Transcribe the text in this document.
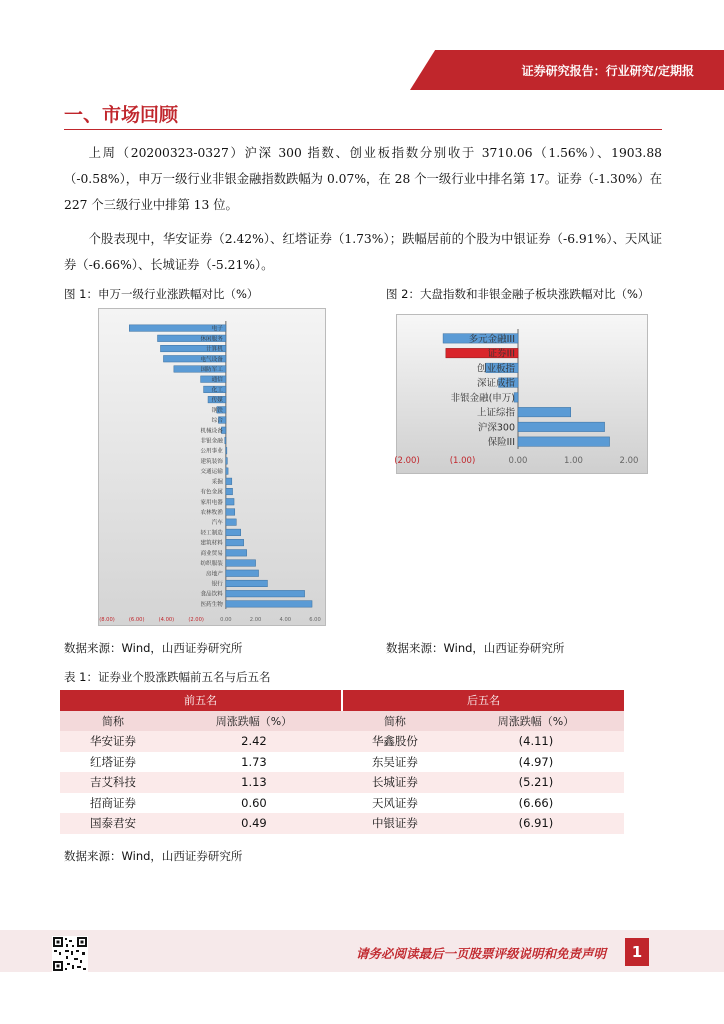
证券研究报告：行业研究/定期报
一、市场回顾

上周（20200323-0327）沪深 300 指数、创业板指数分别收于 3710.06（1.56%）、1903.88（-0.58%），申万一级行业非银金融指数跌幅为 0.07%，在 28 个一级行业中排名第 17。证券（-1.30%）在 227 个三级行业中排第 13 位。

个股表现中，华安证券（2.42%）、红塔证券（1.73%）；跌幅居前的个股为中银证券（-6.91%）、天风证券（-6.66%）、长城证券（-5.21%）。

图 1：申万一级行业涨跌幅对比（%）	图 2：大盘指数和非银金融子板块涨跌幅对比（%）
(8.00)	(6.00)	(4.00)	(2.00)	0.00	2.00	4.00	6.00
电子
休闲服务
计算机
电气设备
国防军工
通信
化工
传媒
钢铁
综合
机械设备
非银金融
公用事业
建筑装饰
交通运输
采掘
有色金属
家用电器
农林牧渔
汽车
轻工制造
建筑材料
商业贸易
纺织服装
房地产
银行
食品饮料
医药生物
(2.00)	(1.00)	0.00	1.00	2.00
多元金融III
证券III
创业板指
深证成指
非银金融(申万)
上证综指
沪深300
保险III
数据来源：Wind，山西证券研究所	数据来源：Wind，山西证券研究所
表 1：证券业个股涨跌幅前五名与后五名
前五名		后五名	
简称	周涨跌幅（%）	简称	周涨跌幅（%）
华安证券	2.42	华鑫股份	(4.11)
红塔证券	1.73	东吴证券	(4.97)
吉艾科技	1.13	长城证券	(5.21)
招商证券	0.60	天风证券	(6.66)
国泰君安	0.49	中银证券	(6.91)
数据来源：Wind，山西证券研究所
请务必阅读最后一页股票评级说明和免责声明	1
